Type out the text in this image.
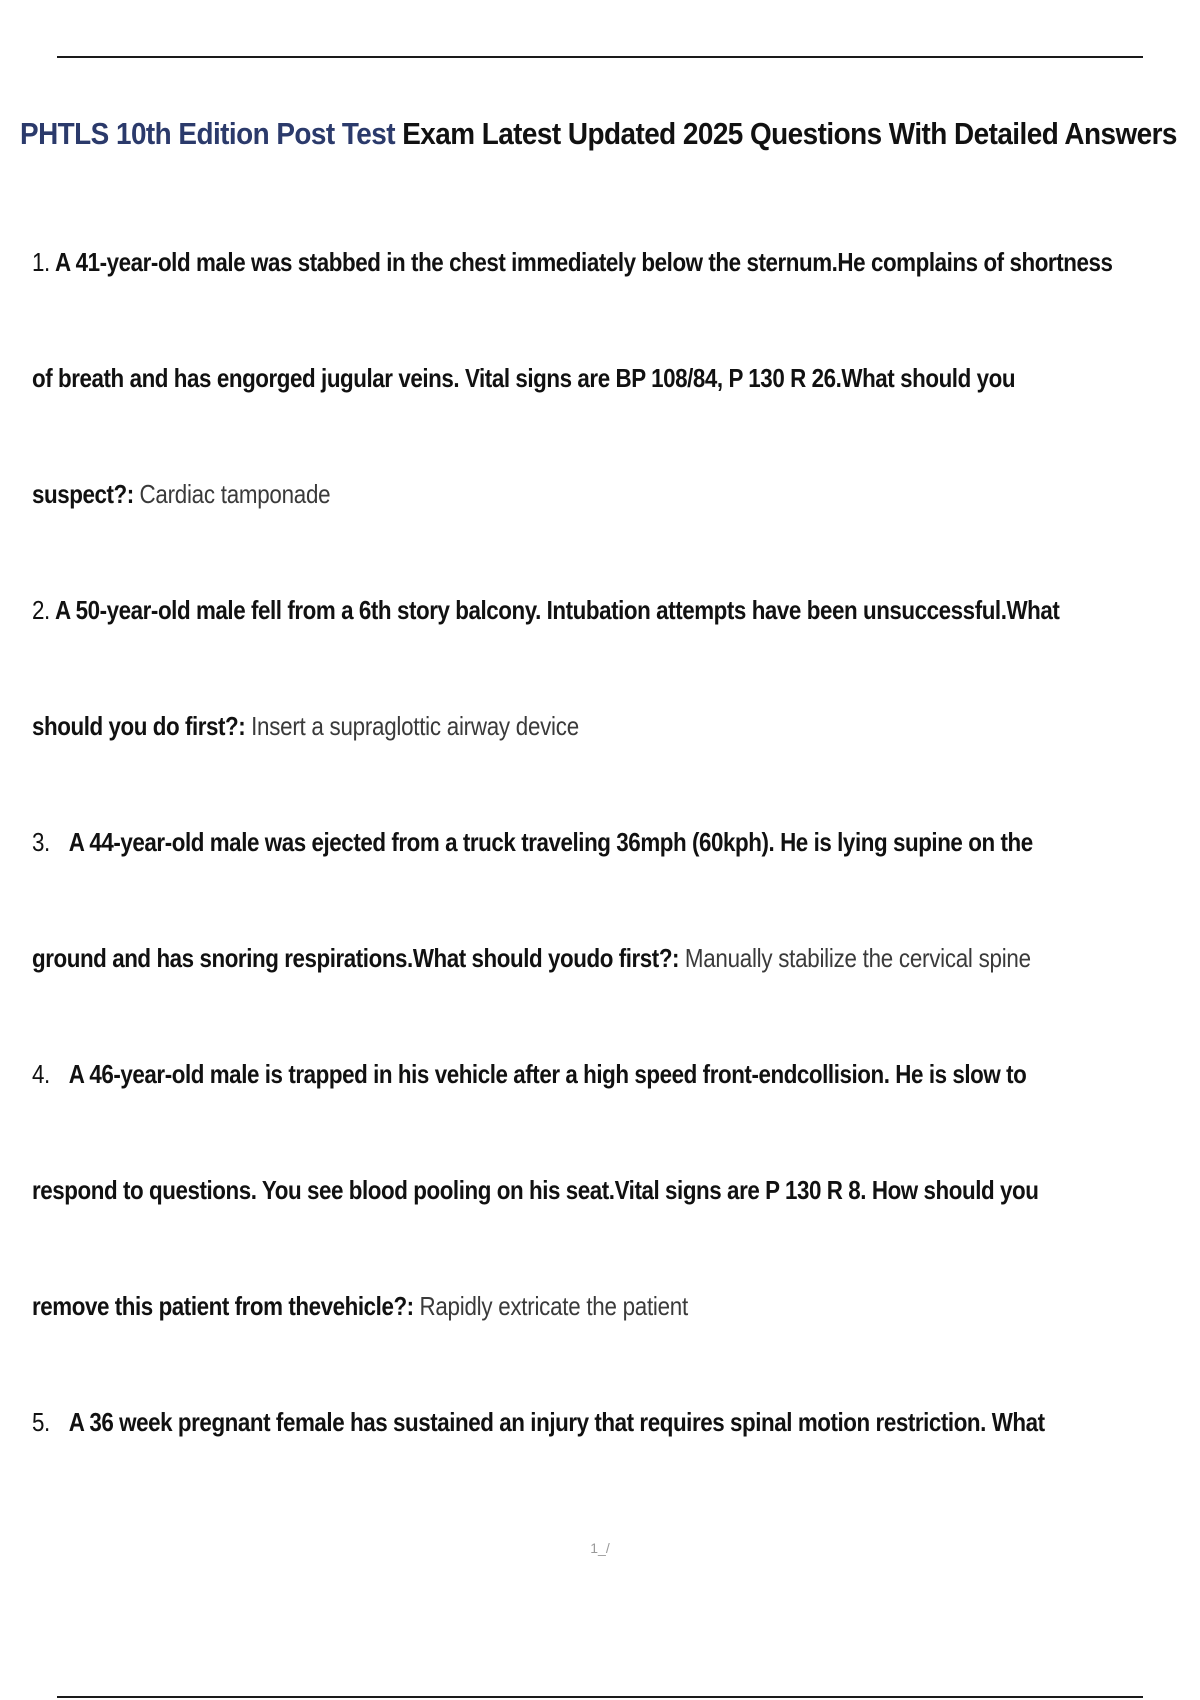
PHTLS 10th Edition Post Test Exam Latest Updated 2025 Questions With Detailed Answers
1. A 41-year-old male was stabbed in the chest immediately below the sternum.He complains of shortness
of breath and has engorged jugular veins. Vital signs are BP 108/84, P 130 R 26.What should you
suspect?: Cardiac tamponade
2. A 50-year-old male fell from a 6th story balcony. Intubation attempts have been unsuccessful.What
should you do first?: Insert a supraglottic airway device
3. A 44-year-old male was ejected from a truck traveling 36mph (60kph). He is lying supine on the
ground and has snoring respirations.What should youdo first?: Manually stabilize the cervical spine
4. A 46-year-old male is trapped in his vehicle after a high speed front-endcollision. He is slow to
respond to questions. You see blood pooling on his seat.Vital signs are P 130 R 8. How should you
remove this patient from thevehicle?: Rapidly extricate the patient
5. A 36 week pregnant female has sustained an injury that requires spinal motion restriction. What
1_/
